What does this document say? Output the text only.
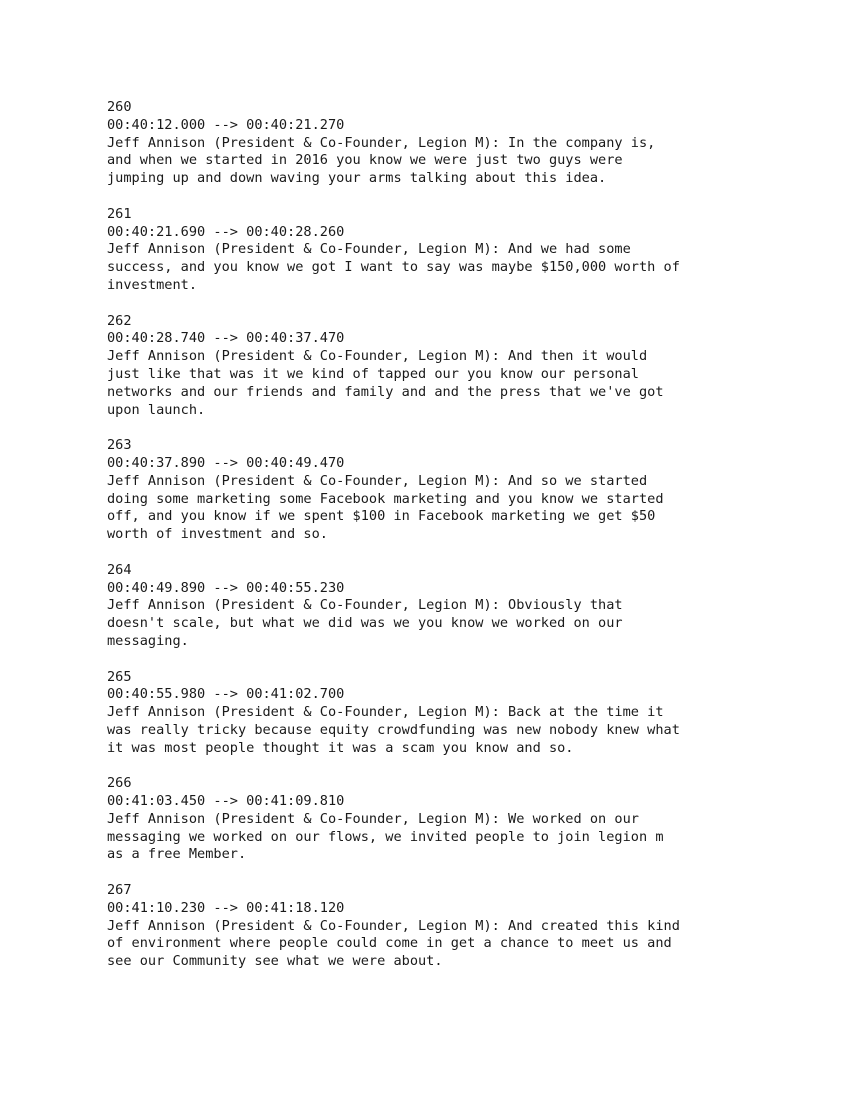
260
00:40:12.000 --> 00:40:21.270
Jeff Annison (President & Co-Founder, Legion M): In the company is,
and when we started in 2016 you know we were just two guys were
jumping up and down waving your arms talking about this idea.
261
00:40:21.690 --> 00:40:28.260
Jeff Annison (President & Co-Founder, Legion M): And we had some
success, and you know we got I want to say was maybe $150,000 worth of
investment.
262
00:40:28.740 --> 00:40:37.470
Jeff Annison (President & Co-Founder, Legion M): And then it would
just like that was it we kind of tapped our you know our personal
networks and our friends and family and and the press that we've got
upon launch.
263
00:40:37.890 --> 00:40:49.470
Jeff Annison (President & Co-Founder, Legion M): And so we started
doing some marketing some Facebook marketing and you know we started
off, and you know if we spent $100 in Facebook marketing we get $50
worth of investment and so.
264
00:40:49.890 --> 00:40:55.230
Jeff Annison (President & Co-Founder, Legion M): Obviously that
doesn't scale, but what we did was we you know we worked on our
messaging.
265
00:40:55.980 --> 00:41:02.700
Jeff Annison (President & Co-Founder, Legion M): Back at the time it
was really tricky because equity crowdfunding was new nobody knew what
it was most people thought it was a scam you know and so.
266
00:41:03.450 --> 00:41:09.810
Jeff Annison (President & Co-Founder, Legion M): We worked on our
messaging we worked on our flows, we invited people to join legion m
as a free Member.
267
00:41:10.230 --> 00:41:18.120
Jeff Annison (President & Co-Founder, Legion M): And created this kind
of environment where people could come in get a chance to meet us and
see our Community see what we were about.
